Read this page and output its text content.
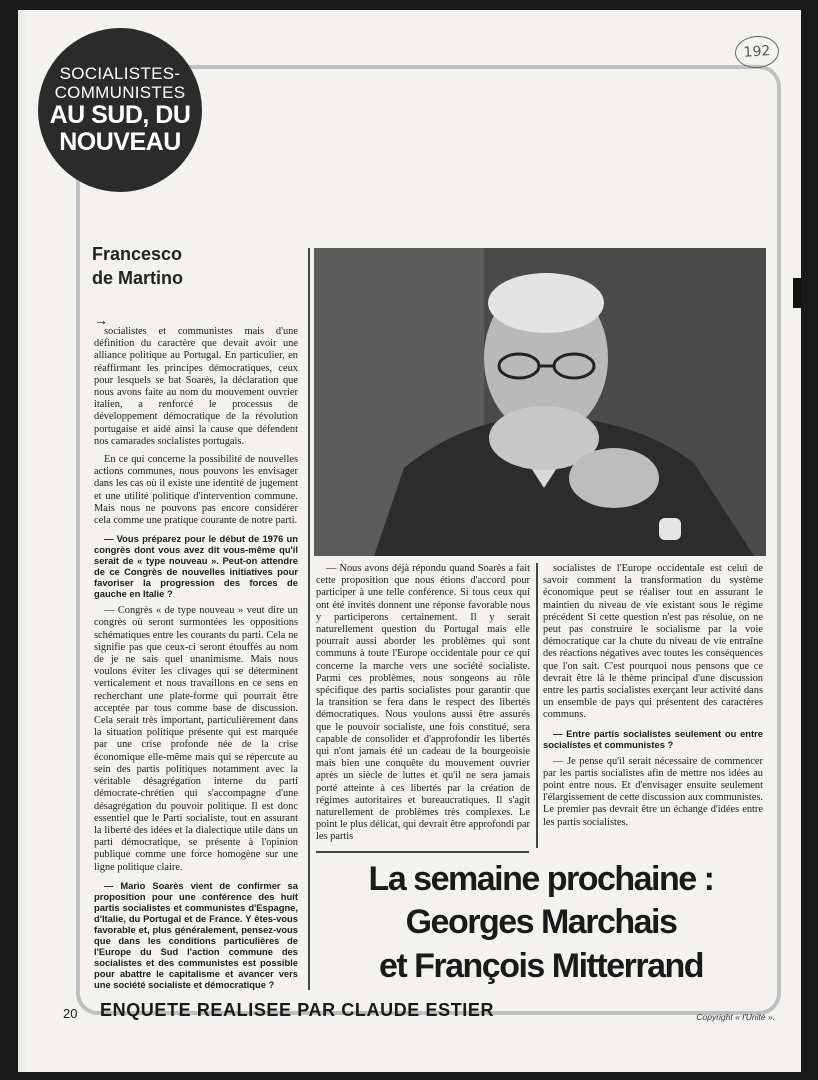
192
SOCIALISTES-
COMMUNISTES
AU SUD, DU
NOUVEAU
Francesco
de Martino
→

socialistes et communistes mais d'une définition du caractère que devait avoir une alliance politique au Portugal. En particulier, en réaffirmant les principes démocratiques, ceux pour lesquels se bat Soarès, la déclaration que nous avons faite au nom du mouvement ouvrier italien, a renforcé le processus de développement démocratique de la révolution portugaise et aidé ainsi la cause que défendent nos camarades socialistes portugais.

En ce qui concerne la possibilité de nouvelles actions communes, nous pouvons les envisager dans les cas où il existe une identité de jugement et une utilité politique d'intervention commune. Mais nous ne pouvons pas encore considérer cela comme une pratique courante de notre parti.

— Vous préparez pour le début de 1976 un congrès dont vous avez dit vous-même qu'il serait de « type nouveau ». Peut-on attendre de ce Congrès de nouvelles initiatives pour favoriser la progression des forces de gauche en Italie ?

— Congrès « de type nouveau » veut dire un congrès où seront surmontées les oppositions schématiques entre les courants du parti. Cela ne signifie pas que ceux-ci seront étouffés au nom de je ne sais quel unanimisme. Mais nous voulons éviter les clivages qui se déterminent verticalement et nous travaillons en ce sens en recherchant une plate-forme qui pourrait être acceptée par tous comme base de discussion. Cela serait très important, particulièrement dans la situation politique présente qui est marquée par une crise profonde née de la crise économique elle-même mais qui se répercute au sein des partis politiques notamment avec la véritable désagrégation interne du parti démocrate-chrétien qui s'accompagne d'une désagrégation du pouvoir politique. Il est donc essentiel que le Parti socialiste, tout en assurant la liberté des idées et la dialectique utile dans un parti démocratique, se présente à l'opinion publique comme une force homogène sur une ligne politique claire.

— Mario Soarès vient de confirmer sa proposition pour une conférence des huit partis socialistes et communistes d'Espagne, d'Italie, du Portugal et de France. Y êtes-vous favorable et, plus généralement, pensez-vous que dans les conditions particulières de l'Europe du Sud l'action commune des socialistes et des communistes est possible pour abattre le capitalisme et avancer vers une société socialiste et démocratique ?

— Nous avons déjà répondu quand Soarès a fait cette proposition que nous étions d'accord pour participer à une telle conférence. Si tous ceux qui ont été invités donnent une réponse favorable nous y participerons certainement. Il y serait naturellement question du Portugal mais elle pourrait aussi aborder les problèmes qui sont communs à toute l'Europe occidentale pour ce qui concerne la marche vers une société socialiste. Parmi ces problèmes, nous songeons au rôle spécifique des partis socialistes pour garantir que la transition se fera dans le respect des libertés démocratiques. Nous voulons aussi être assurés que le pouvoir socialiste, une fois constitué, sera capable de consolider et d'approfondir les libertés qui n'ont jamais été un cadeau de la bourgeoisie mais bien une conquête du mouvement ouvrier après un siècle de luttes et qu'il ne sera jamais porté atteinte à ces libertés par la création de régimes autoritaires et bureaucratiques. Il s'agit naturellement de problèmes très complexes. Le point le plus délicat, qui devrait être approfondi par les partis

socialistes de l'Europe occidentale est celui de savoir comment la transformation du système économique peut se réaliser tout en assurant le maintien du niveau de vie existant sous le régime précédent Si cette question n'est pas résolue, on ne peut pas construire le socialisme par la voie démocratique car la chute du niveau de vie entraîne des réactions négatives avec toutes les conséquences que l'on sait. C'est pourquoi nous pensons que ce devrait être là le thème principal d'une discussion entre les partis socialistes exerçant leur activité dans un ensemble de pays qui présentent des caractères communs.

— Entre partis socialistes seulement ou entre socialistes et communistes ?

— Je pense qu'il serait nécessaire de commencer par les partis socialistes afin de mettre nos idées au point entre nous. Et d'envisager ensuite seulement l'élargissement de cette discussion aux communistes. Le premier pas devrait être un échange d'idées entre les partis socialistes.

La semaine prochaine :
Georges Marchais
et François Mitterrand
20 ENQUETE REALISEE PAR CLAUDE ESTIER	Copyright « l'Unité ».
